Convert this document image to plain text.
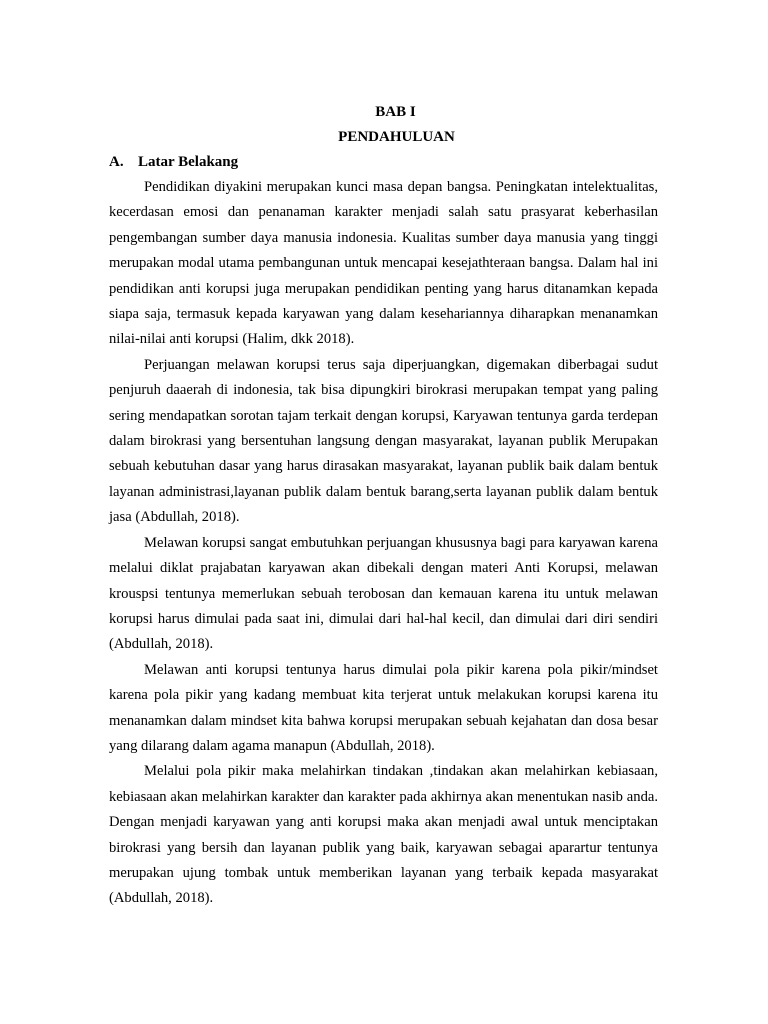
BAB I

PENDAHULUAN

A. Latar Belakang

Pendidikan diyakini merupakan kunci masa depan bangsa. Peningkatan intelektualitas, kecerdasan emosi dan penanaman karakter menjadi salah satu prasyarat keberhasilan pengembangan sumber daya manusia indonesia. Kualitas sumber daya manusia yang tinggi merupakan modal utama pembangunan untuk mencapai kesejathteraan bangsa. Dalam hal ini pendidikan anti korupsi juga merupakan pendidikan penting yang harus ditanamkan kepada siapa saja, termasuk kepada karyawan yang dalam kesehariannya diharapkan menanamkan nilai-nilai anti korupsi (Halim, dkk 2018).

Perjuangan melawan korupsi terus saja diperjuangkan, digemakan diberbagai sudut penjuruh daaerah di indonesia, tak bisa dipungkiri birokrasi merupakan tempat yang paling sering mendapatkan sorotan tajam terkait dengan korupsi, Karyawan tentunya garda terdepan dalam birokrasi yang bersentuhan langsung dengan masyarakat, layanan publik Merupakan sebuah kebutuhan dasar yang harus dirasakan masyarakat, layanan publik baik dalam bentuk layanan administrasi,layanan publik dalam bentuk barang,serta layanan publik dalam bentuk jasa (Abdullah, 2018).

Melawan korupsi sangat embutuhkan perjuangan khususnya bagi para karyawan karena melalui diklat prajabatan karyawan akan dibekali dengan materi Anti Korupsi, melawan krouspsi tentunya memerlukan sebuah terobosan dan kemauan karena itu untuk melawan korupsi harus dimulai pada saat ini, dimulai dari hal-hal kecil, dan dimulai dari diri sendiri (Abdullah, 2018).

Melawan anti korupsi tentunya harus dimulai pola pikir karena pola pikir/mindset karena pola pikir yang kadang membuat kita terjerat untuk melakukan korupsi karena itu menanamkan dalam mindset kita bahwa korupsi merupakan sebuah kejahatan dan dosa besar yang dilarang dalam agama manapun (Abdullah, 2018).

Melalui pola pikir maka melahirkan tindakan ,tindakan akan melahirkan kebiasaan, kebiasaan akan melahirkan karakter dan karakter pada akhirnya akan menentukan nasib anda. Dengan menjadi karyawan yang anti korupsi maka akan menjadi awal untuk menciptakan birokrasi yang bersih dan layanan publik yang baik, karyawan sebagai aparartur tentunya merupakan ujung tombak untuk memberikan layanan yang terbaik kepada masyarakat (Abdullah, 2018).
